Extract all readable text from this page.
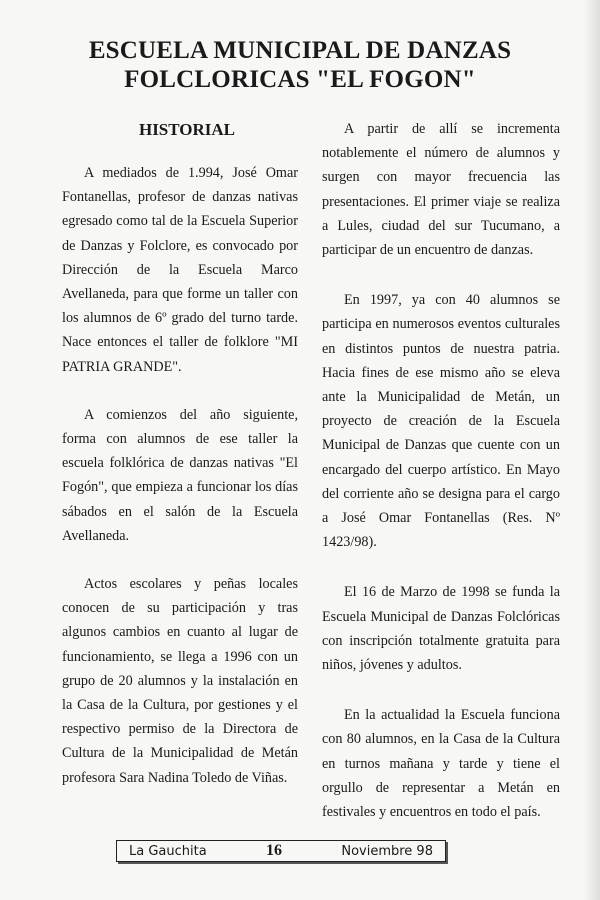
ESCUELA MUNICIPAL DE DANZAS
FOLCLORICAS "EL FOGON"
HISTORIAL

A mediados de 1.994, José Omar Fontanellas, profesor de danzas nativas egresado como tal de la Escuela Superior de Danzas y Folclore, es convocado por Dirección de la Escuela Marco Avellaneda, para que forme un taller con los alumnos de 6º grado del turno tarde. Nace entonces el taller de folklore "MI PATRIA GRANDE".

A comienzos del año siguiente, forma con alumnos de ese taller la escuela folklórica de danzas nativas "El Fogón", que empieza a funcionar los días sábados en el salón de la Escuela Avellaneda.

Actos escolares y peñas locales conocen de su participación y tras algunos cambios en cuanto al lugar de funcionamiento, se llega a 1996 con un grupo de 20 alumnos y la instalación en la Casa de la Cultura, por gestiones y el respectivo permiso de la Directora de Cultura de la Municipalidad de Metán profesora Sara Nadina Toledo de Viñas.

A partir de allí se incrementa notablemente el número de alumnos y surgen con mayor frecuencia las presentaciones. El primer viaje se realiza a Lules, ciudad del sur Tucumano, a participar de un encuentro de danzas.

En 1997, ya con 40 alumnos se participa en numerosos eventos culturales en distintos puntos de nuestra patria. Hacia fines de ese mismo año se eleva ante la Municipalidad de Metán, un proyecto de creación de la Escuela Municipal de Danzas que cuente con un encargado del cuerpo artístico. En Mayo del corriente año se designa para el cargo a José Omar Fontanellas (Res. Nº 1423/98).

El 16 de Marzo de 1998 se funda la Escuela Municipal de Danzas Folclóricas con inscripción totalmente gratuita para niños, jóvenes y adultos.

En la actualidad la Escuela funciona con 80 alumnos, en la Casa de la Cultura en turnos mañana y tarde y tiene el orgullo de representar a Metán en festivales y encuentros en todo el país.

La Gauchita	16	Noviembre 98
